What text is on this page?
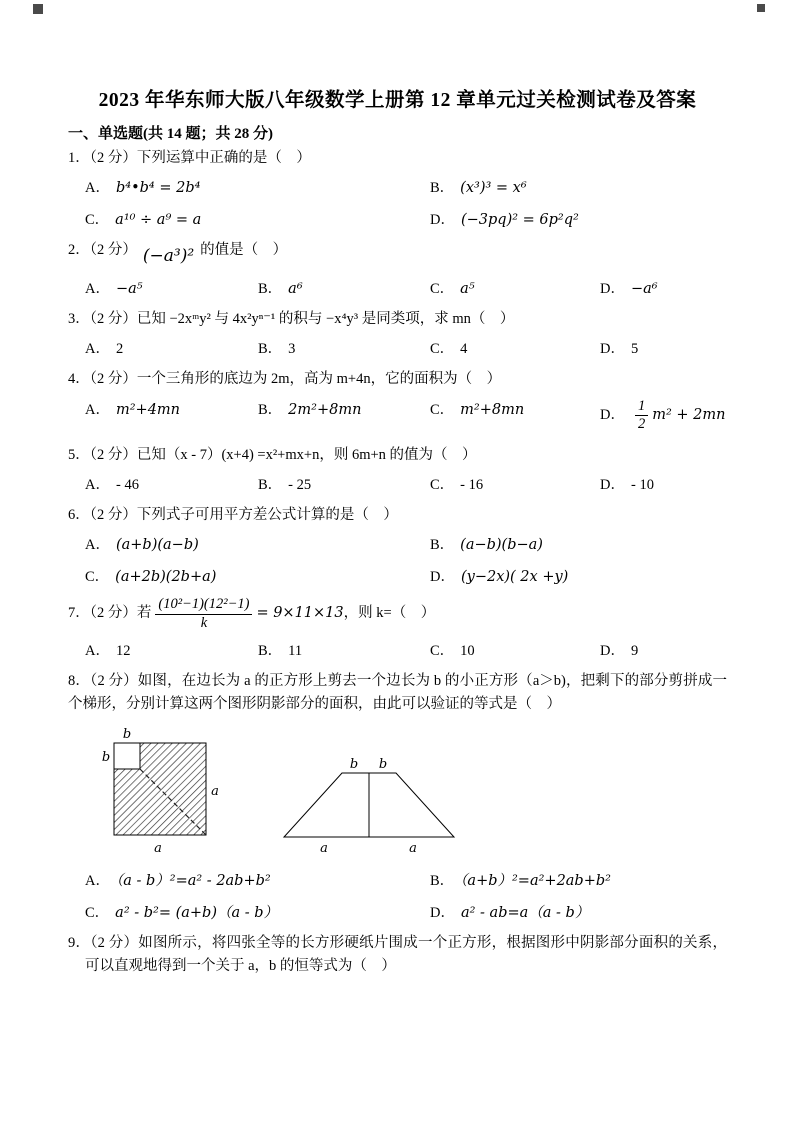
2023 年华东师大版八年级数学上册第 12 章单元过关检测试卷及答案
一、单选题(共 14 题；共 28 分)
1．（2 分）下列运算中正确的是（　）
A． b⁴•b⁴ = 2b⁴	B． (x³)³ = x⁶
C． a¹⁰ ÷ a⁹ = a	D． (−3pq)² = 6p²q²
2．（2 分） (−a³)² 的值是（　）
A． −a⁵	B． a⁶	C． a⁵	D． −a⁶
3．（2 分）已知 −2xᵐy² 与 4x²yⁿ⁻¹ 的积与 −x⁴y³ 是同类项，求 mn（　）
A． 2	B． 3	C． 4	D． 5
4．（2 分）一个三角形的底边为 2m，高为 m+4n，它的面积为（　）
A． m²+4mn	B． 2m²+8mn	C． m²+8mn	D． $\frac{1}{2} m^2 + 2mn$
5．（2 分）已知（x - 7）(x+4) =x²+mx+n，则 6m+n 的值为（　）
A． - 46	B． - 25	C． - 16	D． - 10
6．（2 分）下列式子可用平方差公式计算的是（　）
A． (a+b)(a−b)	B． (a−b)(b−a)
C． (a+2b)(2b+a)	D． (y−2x)( 2x +y)
7．（2 分）若 $\frac{\text{(10²−1)(12²−1)}}{k} = 9\times 11\times 13$，则 k=（　）
A． 12	B． 11	C． 10	D． 9
8．（2 分）如图，在边长为 a 的正方形上剪去一个边长为 b 的小正方形（a＞b)，把剩下的部分剪拼成一个梯形，分别计算这两个图形阴影部分的面积，由此可以验证的等式是（　）
b
b
a
a
b b
a	a
A． （a - b）²=a² - 2ab+b²	B． （a+b）²=a²+2ab+b²
C． a² - b²= (a+b)（a - b）	D． a² - ab=a（a - b）
9．（2 分）如图所示，将四张全等的长方形硬纸片围成一个正方形，根据图形中阴影部分面积的关系，可以直观地得到一个关于 a，b 的恒等式为（　）
